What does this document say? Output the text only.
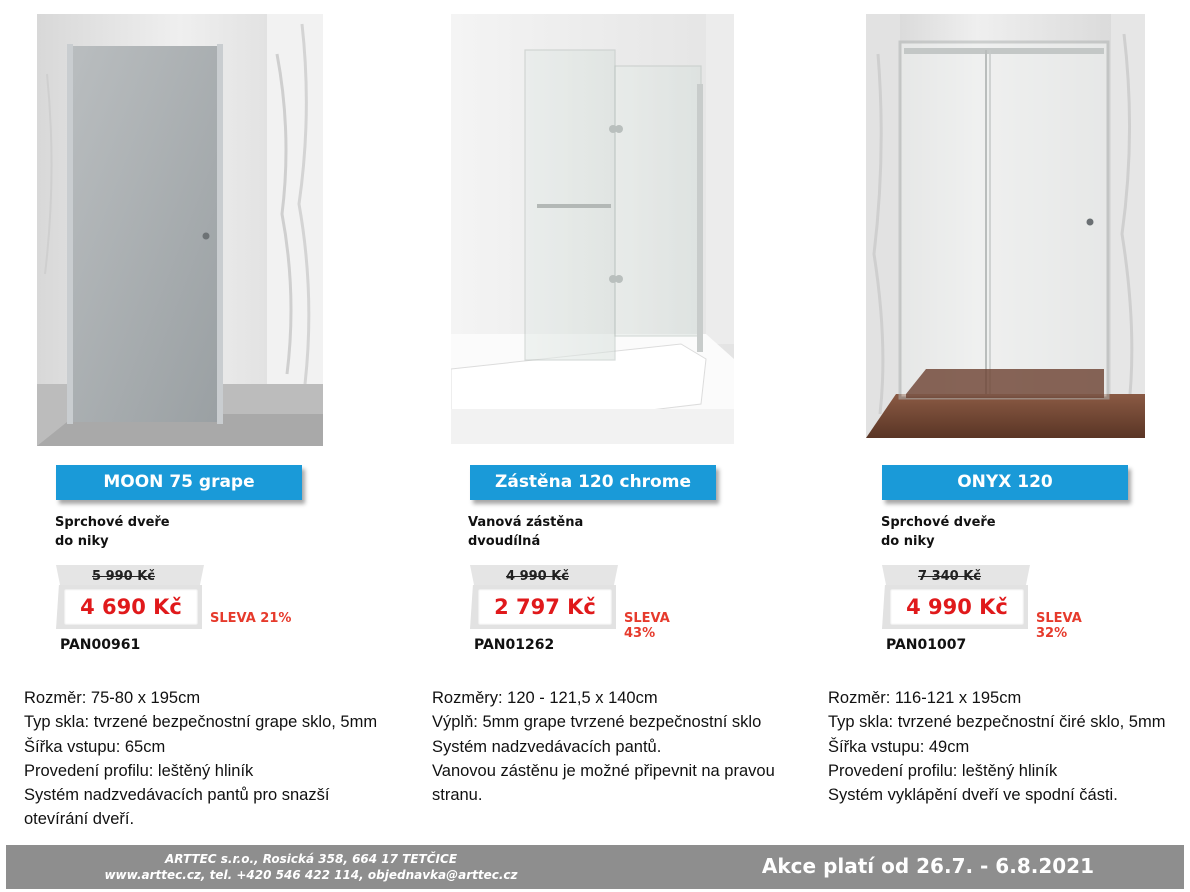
MOON 75 grape
Sprchové dveře
do niky
5 990 Kč
4 690 Kč	SLEVA 21%
PAN00961
Rozměr: 75-80 x 195cm
Typ skla: tvrzené bezpečnostní grape sklo, 5mm
Šířka vstupu: 65cm
Provedení profilu: leštěný hliník
Systém nadzvedávacích pantů pro snazší
otevírání dveří.
Zástěna 120 chrome
Vanová zástěna
dvoudílná
4 990 Kč
2 797 Kč	SLEVA 43%
PAN01262
Rozměry: 120 - 121,5 x 140cm
Výplň: 5mm grape tvrzené bezpečnostní sklo
Systém nadzvedávacích pantů.
Vanovou zástěnu je možné připevnit na pravou
stranu.
ONYX 120
Sprchové dveře
do niky
7 340 Kč
4 990 Kč	SLEVA 32%
PAN01007
Rozměr: 116-121 x 195cm
Typ skla: tvrzené bezpečnostní čiré sklo, 5mm
Šířka vstupu: 49cm
Provedení profilu: leštěný hliník
Systém vyklápění dveří ve spodní části.
ARTTEC s.r.o., Rosická 358, 664 17 TETČICE
www.arttec.cz, tel. +420 546 422 114, objednavka@arttec.cz	Akce platí od 26.7. - 6.8.2021
